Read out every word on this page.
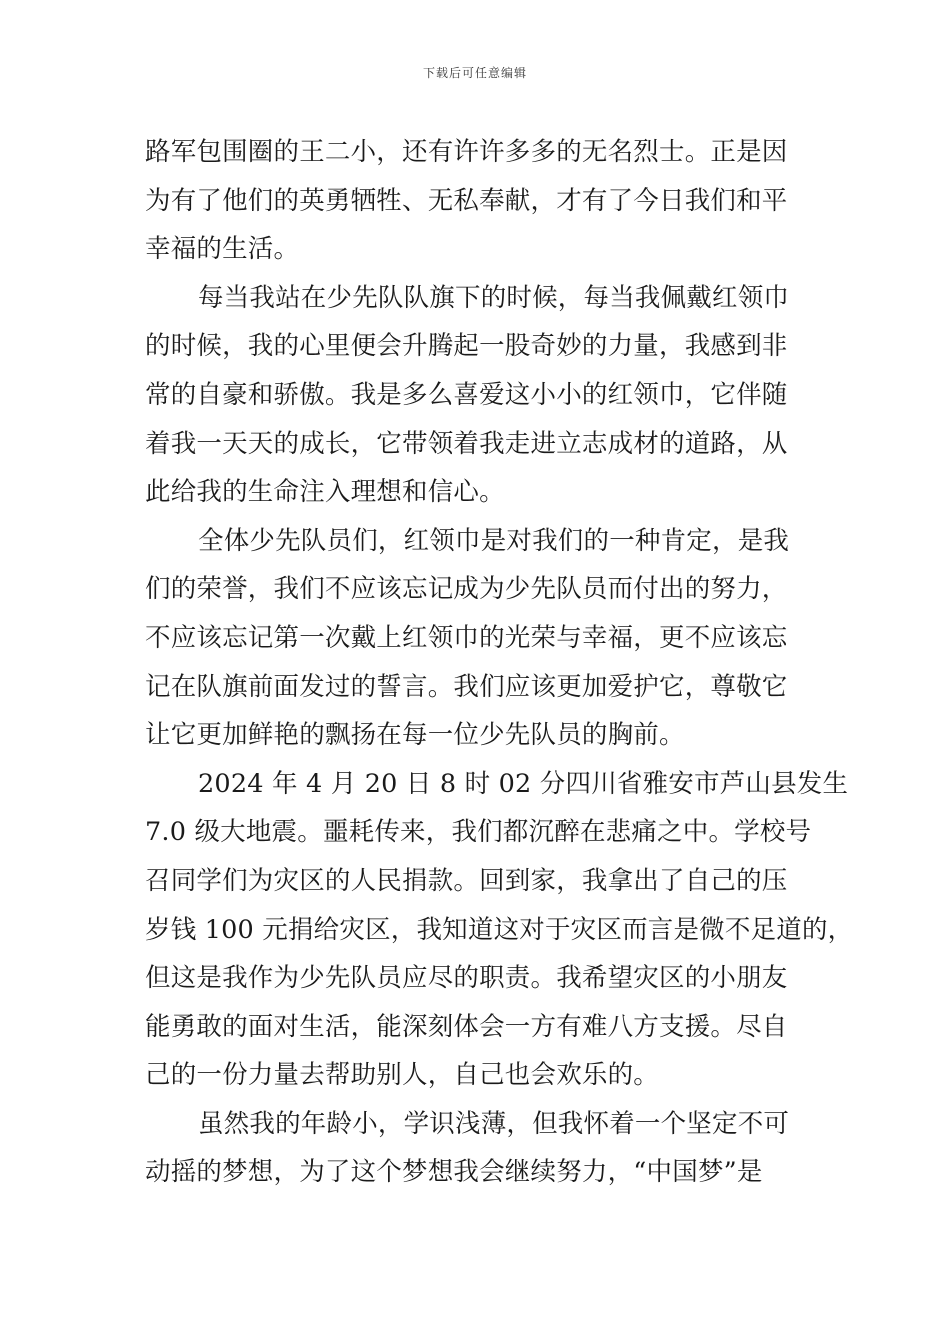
下载后可任意编辑
路军包围圈的王二小，还有许许多多的无名烈士。正是因
为有了他们的英勇牺牲、无私奉献，才有了今日我们和平
幸福的生活。
每当我站在少先队队旗下的时候，每当我佩戴红领巾
的时候，我的心里便会升腾起一股奇妙的力量，我感到非
常的自豪和骄傲。我是多么喜爱这小小的红领巾，它伴随
着我一天天的成长，它带领着我走进立志成材的道路，从
此给我的生命注入理想和信心。
全体少先队员们，红领巾是对我们的一种肯定，是我
们的荣誉，我们不应该忘记成为少先队员而付出的努力，
不应该忘记第一次戴上红领巾的光荣与幸福，更不应该忘
记在队旗前面发过的誓言。我们应该更加爱护它，尊敬它
让它更加鲜艳的飘扬在每一位少先队员的胸前。
2024 年 4 月 20 日 8 时 02 分四川省雅安市芦山县发生
7.0 级大地震。噩耗传来，我们都沉醉在悲痛之中。学校号
召同学们为灾区的人民捐款。回到家，我拿出了自己的压
岁钱 100 元捐给灾区，我知道这对于灾区而言是微不足道的，
但这是我作为少先队员应尽的职责。我希望灾区的小朋友
能勇敢的面对生活，能深刻体会一方有难八方支援。尽自
己的一份力量去帮助别人，自己也会欢乐的。
虽然我的年龄小，学识浅薄，但我怀着一个坚定不可
动摇的梦想，为了这个梦想我会继续努力，“中国梦”是
